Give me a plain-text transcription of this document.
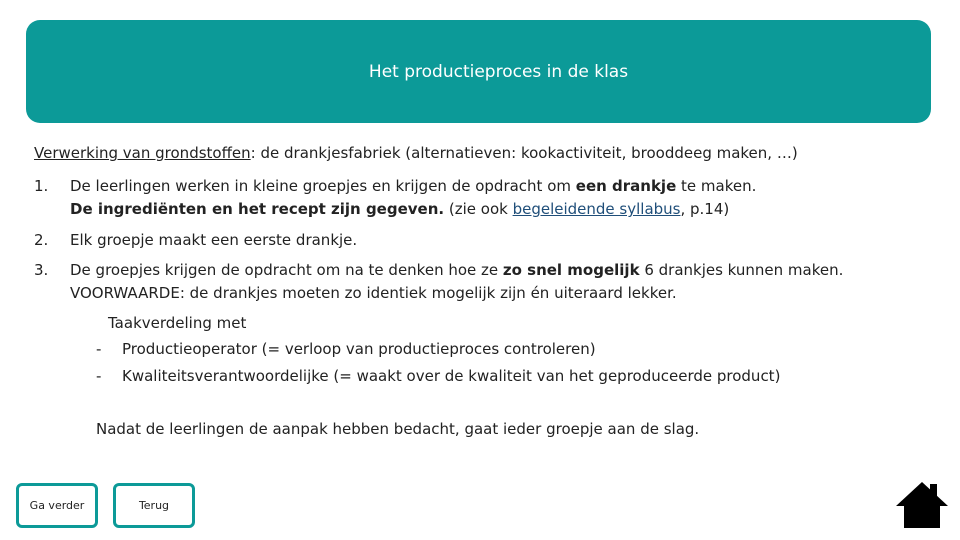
Het productieproces in de klas
Verwerking van grondstoffen: de drankjesfabriek (alternatieven: kookactiviteit, brooddeeg maken, …)
1. De leerlingen werken in kleine groepjes en krijgen de opdracht om een drankje te maken.
De ingrediënten en het recept zijn gegeven. (zie ook begeleidende syllabus, p.14)
2. Elk groepje maakt een eerste drankje.
3. De groepjes krijgen de opdracht om na te denken hoe ze zo snel mogelijk 6 drankjes kunnen maken.
VOORWAARDE: de drankjes moeten zo identiek mogelijk zijn én uiteraard lekker.
Taakverdeling met
- Productieoperator (= verloop van productieproces controleren)
- Kwaliteitsverantwoordelijke (= waakt over de kwaliteit van het geproduceerde product)
Nadat de leerlingen de aanpak hebben bedacht, gaat ieder groepje aan de slag.
Ga verder	Terug
